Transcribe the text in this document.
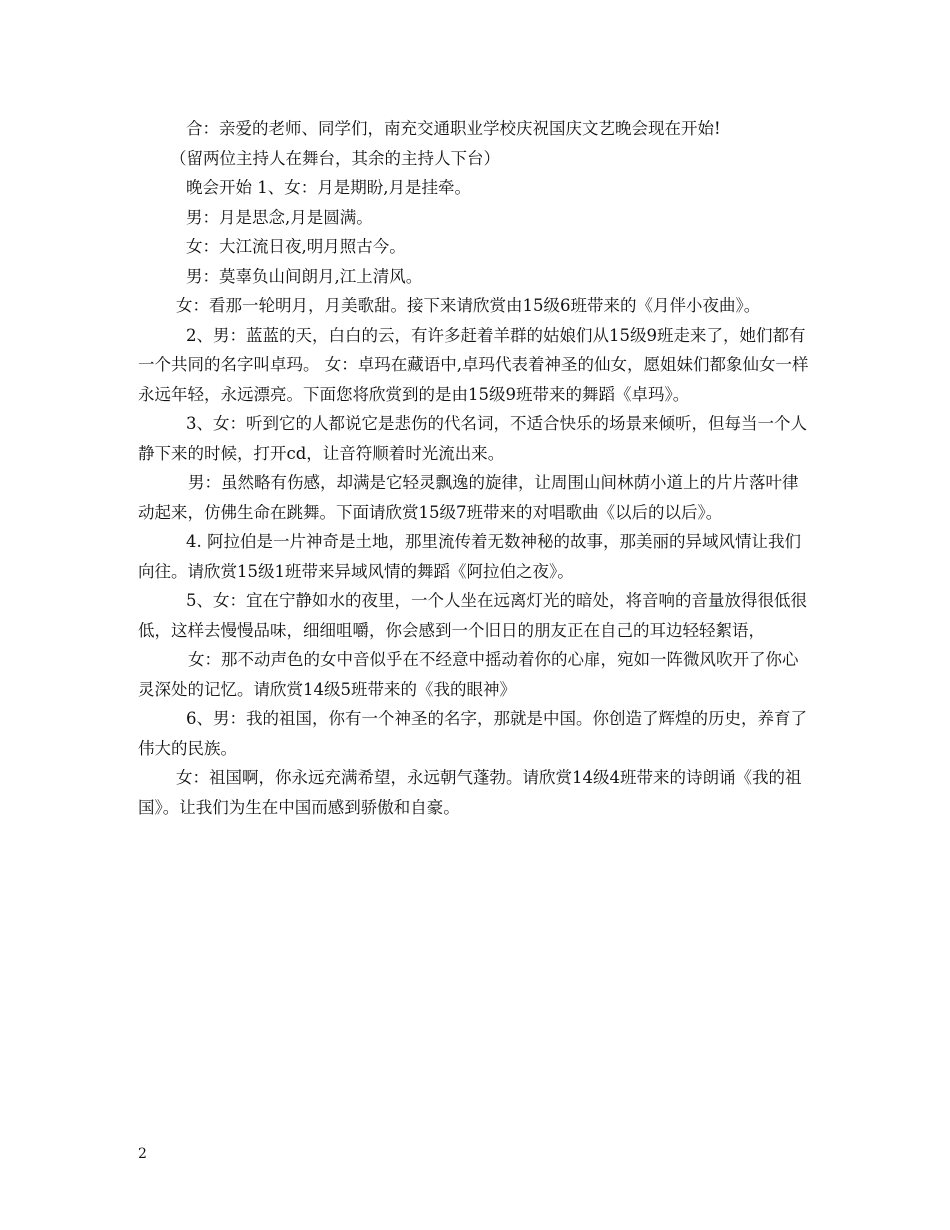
合：亲爱的老师、同学们，南充交通职业学校庆祝国庆文艺晚会现在开始!

（留两位主持人在舞台，其余的主持人下台）

晚会开始 1、女：月是期盼,月是挂牵。

男：月是思念,月是圆满。

女：大江流日夜,明月照古今。

男：莫辜负山间朗月,江上清风。

女：看那一轮明月，月美歌甜。接下来请欣赏由15级6班带来的《月伴小夜曲》。

2、男：蓝蓝的天，白白的云，有许多赶着羊群的姑娘们从15级9班走来了，她们都有一个共同的名字叫卓玛。 女：卓玛在藏语中,卓玛代表着神圣的仙女，愿姐妹们都象仙女一样永远年轻，永远漂亮。下面您将欣赏到的是由15级9班带来的舞蹈《卓玛》。

3、女：听到它的人都说它是悲伤的代名词，不适合快乐的场景来倾听，但每当一个人静下来的时候，打开cd，让音符顺着时光流出来。

男：虽然略有伤感，却满是它轻灵飘逸的旋律，让周围山间林荫小道上的片片落叶律动起来，仿佛生命在跳舞。下面请欣赏15级7班带来的对唱歌曲《以后的以后》。

4. 阿拉伯是一片神奇是土地，那里流传着无数神秘的故事，那美丽的异域风情让我们向往。请欣赏15级1班带来异域风情的舞蹈《阿拉伯之夜》。

5、女：宜在宁静如水的夜里，一个人坐在远离灯光的暗处，将音响的音量放得很低很低，这样去慢慢品味，细细咀嚼，你会感到一个旧日的朋友正在自己的耳边轻轻絮语，

女：那不动声色的女中音似乎在不经意中摇动着你的心扉，宛如一阵微风吹开了你心灵深处的记忆。请欣赏14级5班带来的《我的眼神》

6、男：我的祖国，你有一个神圣的名字，那就是中国。你创造了辉煌的历史，养育了伟大的民族。

女：祖国啊，你永远充满希望，永远朝气蓬勃。请欣赏14级4班带来的诗朗诵《我的祖国》。让我们为生在中国而感到骄傲和自豪。

2
